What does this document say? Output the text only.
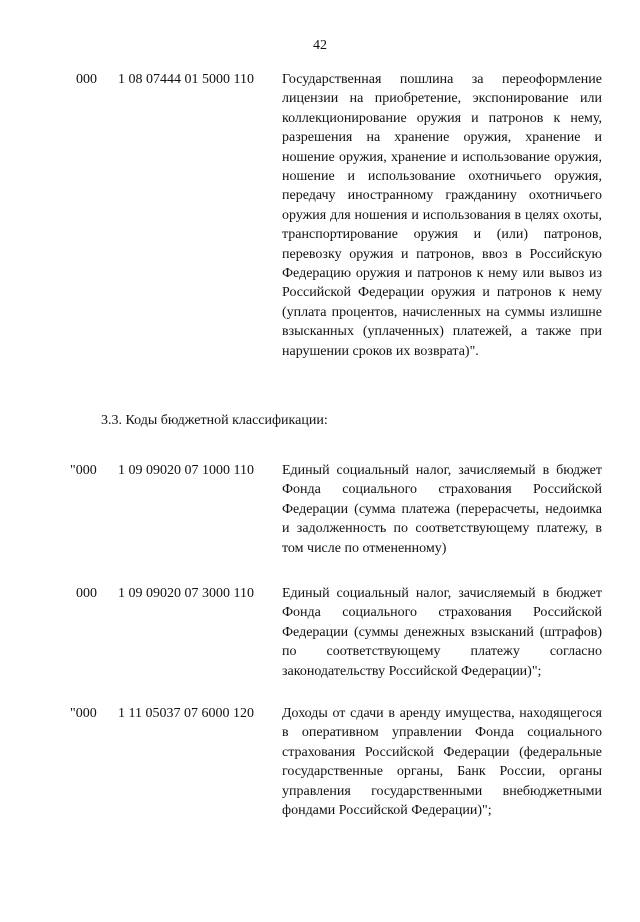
42
000 1 08 07444 01 5000 110 Государственная пошлина за переоформление лицензии на приобретение, экспонирование или коллекционирование оружия и патронов к нему, разрешения на хранение оружия, хранение и ношение оружия, хранение и использование оружия, ношение и использование охотничьего оружия, передачу иностранному гражданину охотничьего оружия для ношения и использования в целях охоты, транспортирование оружия и (или) патронов, перевозку оружия и патронов, ввоз в Российскую Федерацию оружия и патронов к нему или вывоз из Российской Федерации оружия и патронов к нему (уплата процентов, начисленных на суммы излишне взысканных (уплаченных) платежей, а также при нарушении сроков их возврата)".
3.3. Коды бюджетной классификации:
"000 1 09 09020 07 1000 110 Единый социальный налог, зачисляемый в бюджет Фонда социального страхования Российской Федерации (сумма платежа (перерасчеты, недоимка и задолженность по соответствующему платежу, в том числе по отмененному)
000 1 09 09020 07 3000 110 Единый социальный налог, зачисляемый в бюджет Фонда социального страхования Российской Федерации (суммы денежных взысканий (штрафов) по соответствующему платежу согласно законодательству Российской Федерации)";
"000 1 11 05037 07 6000 120 Доходы от сдачи в аренду имущества, находящегося в оперативном управлении Фонда социального страхования Российской Федерации (федеральные государственные органы, Банк России, органы управления государственными внебюджетными фондами Российской Федерации)";
